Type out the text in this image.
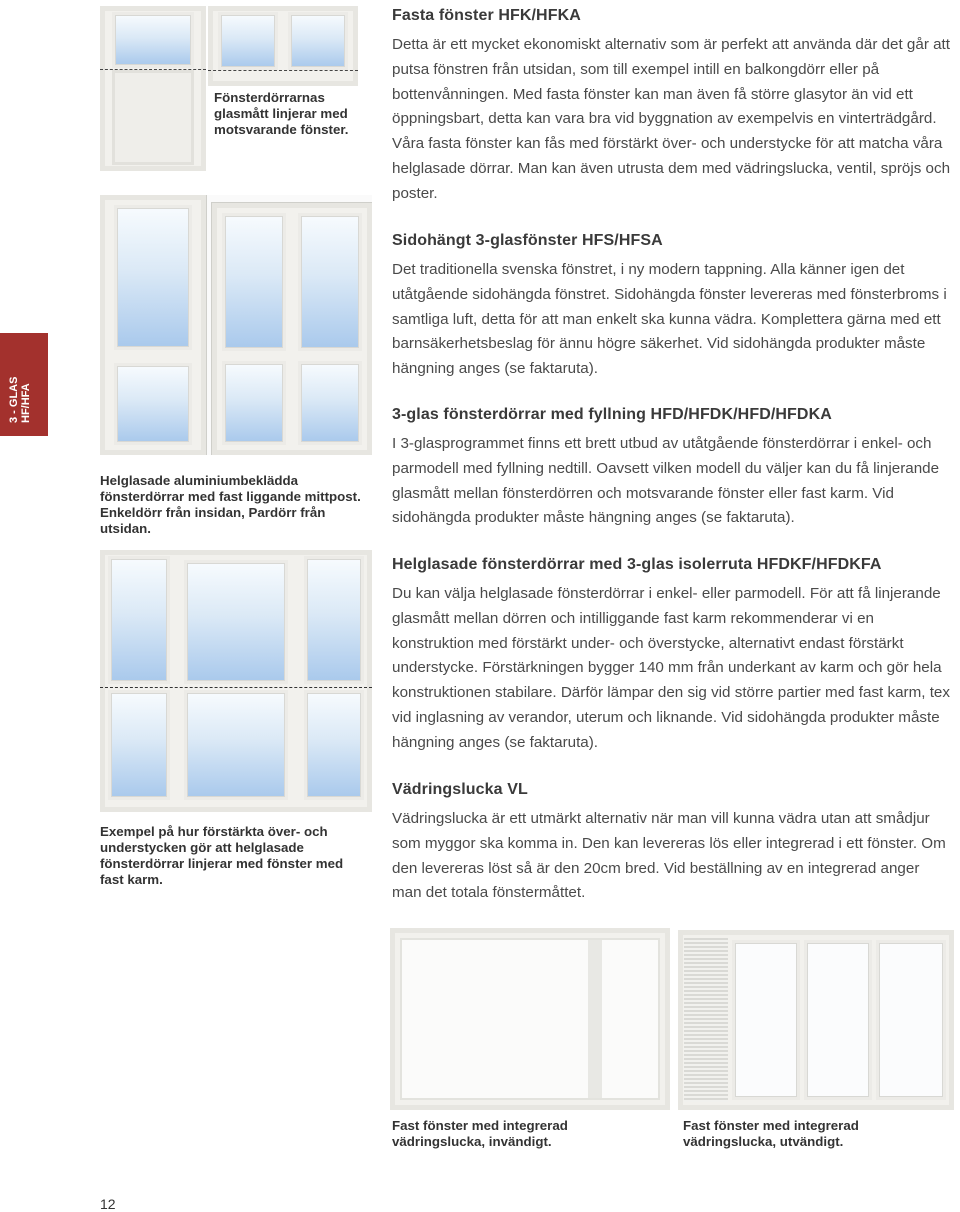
3 - GLAS HF/HFA
Fönsterdörrarnas glasmått linjerar med motsvarande fönster.
Helglasade aluminiumbeklädda fönsterdörrar med fast liggande mittpost. Enkeldörr från insidan, Pardörr från utsidan.
Exempel på hur förstärkta över- och understycken gör att helglasade fönsterdörrar linjerar med fönster med fast karm.
Fasta fönster HFK/HFKA
Detta är ett mycket ekonomiskt alternativ som är perfekt att använda där det går att putsa fönstren från utsidan, som till exempel intill en balkongdörr eller på bottenvånningen. Med fasta fönster kan man även få större glasytor än vid ett öppningsbart, detta kan vara bra vid byggnation av exempelvis en vinterträdgård. Våra fasta fönster kan fås med förstärkt över- och understycke för att matcha våra helglasade dörrar. Man kan även utrusta dem med vädringslucka, ventil, spröjs och poster.
Sidohängt 3-glasfönster HFS/HFSA
Det traditionella svenska fönstret, i ny modern tappning. Alla känner igen det utåtgående sidohängda fönstret. Sidohängda fönster levereras med fönsterbroms i samtliga luft, detta för att man enkelt ska kunna vädra. Komplettera gärna med ett barnsäkerhetsbeslag för ännu högre säkerhet. Vid sidohängda produkter måste hängning anges (se faktaruta).
3-glas fönsterdörrar med fyllning HFD/HFDK/HFD/HFDKA
I 3-glasprogrammet finns ett brett utbud av utåtgående fönsterdörrar i enkel- och parmodell med fyllning nedtill. Oavsett vilken modell du väljer kan du få linjerande glasmått mellan fönsterdörren och motsvarande fönster eller fast karm. Vid sidohängda produkter måste hängning anges (se faktaruta).
Helglasade fönsterdörrar med 3-glas isolerruta HFDKF/HFDKFA
Du kan välja helglasade fönsterdörrar i enkel- eller parmodell. För att få linjerande glasmått mellan dörren och intilliggande fast karm rekommenderar vi en konstruktion med förstärkt under- och överstycke, alternativt endast förstärkt understycke. Förstärkningen bygger 140 mm från underkant av karm och gör hela konstruktionen stabilare. Därför lämpar den sig vid större partier med fast karm, tex vid inglasning av verandor, uterum och liknande. Vid sidohängda produkter måste hängning anges (se faktaruta).
Vädringslucka VL
Vädringslucka är ett utmärkt alternativ när man vill kunna vädra utan att smådjur som myggor ska komma in. Den kan levereras lös eller integrerad i ett fönster. Om den levereras löst så är den 20cm bred. Vid beställning av en integrerad anger man det totala fönstermåttet.
Fast fönster med integrerad vädringslucka, invändigt.
Fast fönster med integrerad vädringslucka, utvändigt.
12
